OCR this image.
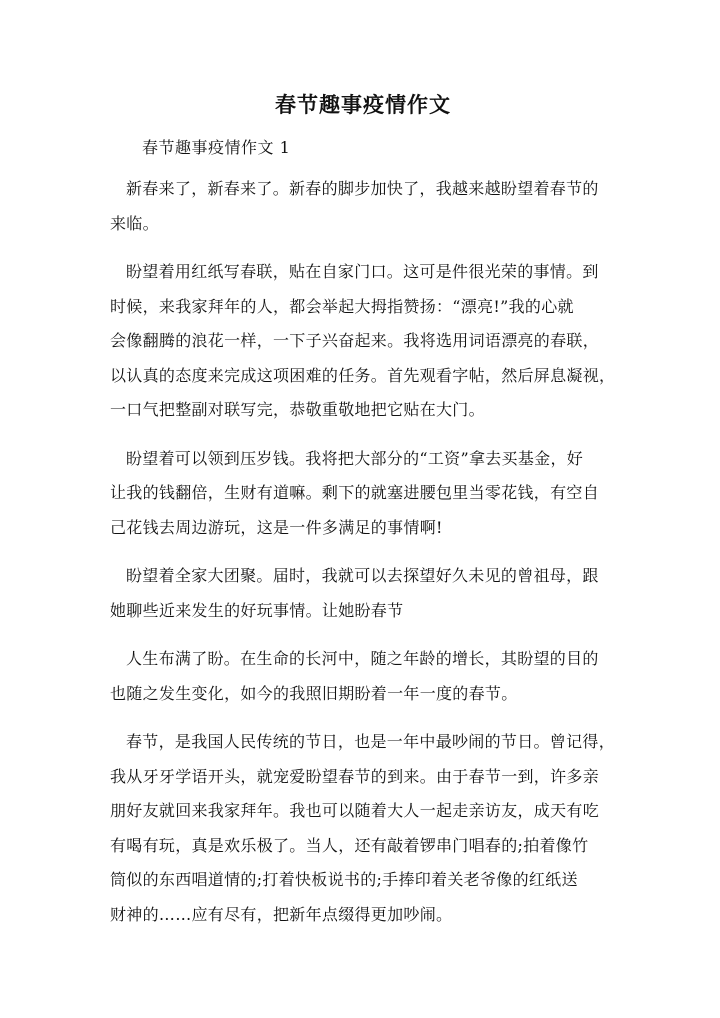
春节趣事疫情作文
春节趣事疫情作文 1

新春来了，新春来了。新春的脚步加快了，我越来越盼望着春节的
来临。

盼望着用红纸写春联，贴在自家门口。这可是件很光荣的事情。到
时候，来我家拜年的人，都会举起大拇指赞扬：“漂亮!”我的心就
会像翻腾的浪花一样，一下子兴奋起来。我将选用词语漂亮的春联，
以认真的态度来完成这项困难的任务。首先观看字帖，然后屏息凝视，
一口气把整副对联写完，恭敬重敬地把它贴在大门。

盼望着可以领到压岁钱。我将把大部分的“工资”拿去买基金，好
让我的钱翻倍，生财有道嘛。剩下的就塞进腰包里当零花钱，有空自
己花钱去周边游玩，这是一件多满足的事情啊!

盼望着全家大团聚。届时，我就可以去探望好久未见的曾祖母，跟
她聊些近来发生的好玩事情。让她盼春节

人生布满了盼。在生命的长河中，随之年龄的增长，其盼望的目的
也随之发生变化，如今的我照旧期盼着一年一度的春节。

春节，是我国人民传统的节日，也是一年中最吵闹的节日。曾记得，
我从牙牙学语开头，就宠爱盼望春节的到来。由于春节一到，许多亲
朋好友就回来我家拜年。我也可以随着大人一起走亲访友，成天有吃
有喝有玩，真是欢乐极了。当人，还有敲着锣串门唱春的;拍着像竹
筒似的东西唱道情的;打着快板说书的;手捧印着关老爷像的红纸送
财神的……应有尽有，把新年点缀得更加吵闹。
